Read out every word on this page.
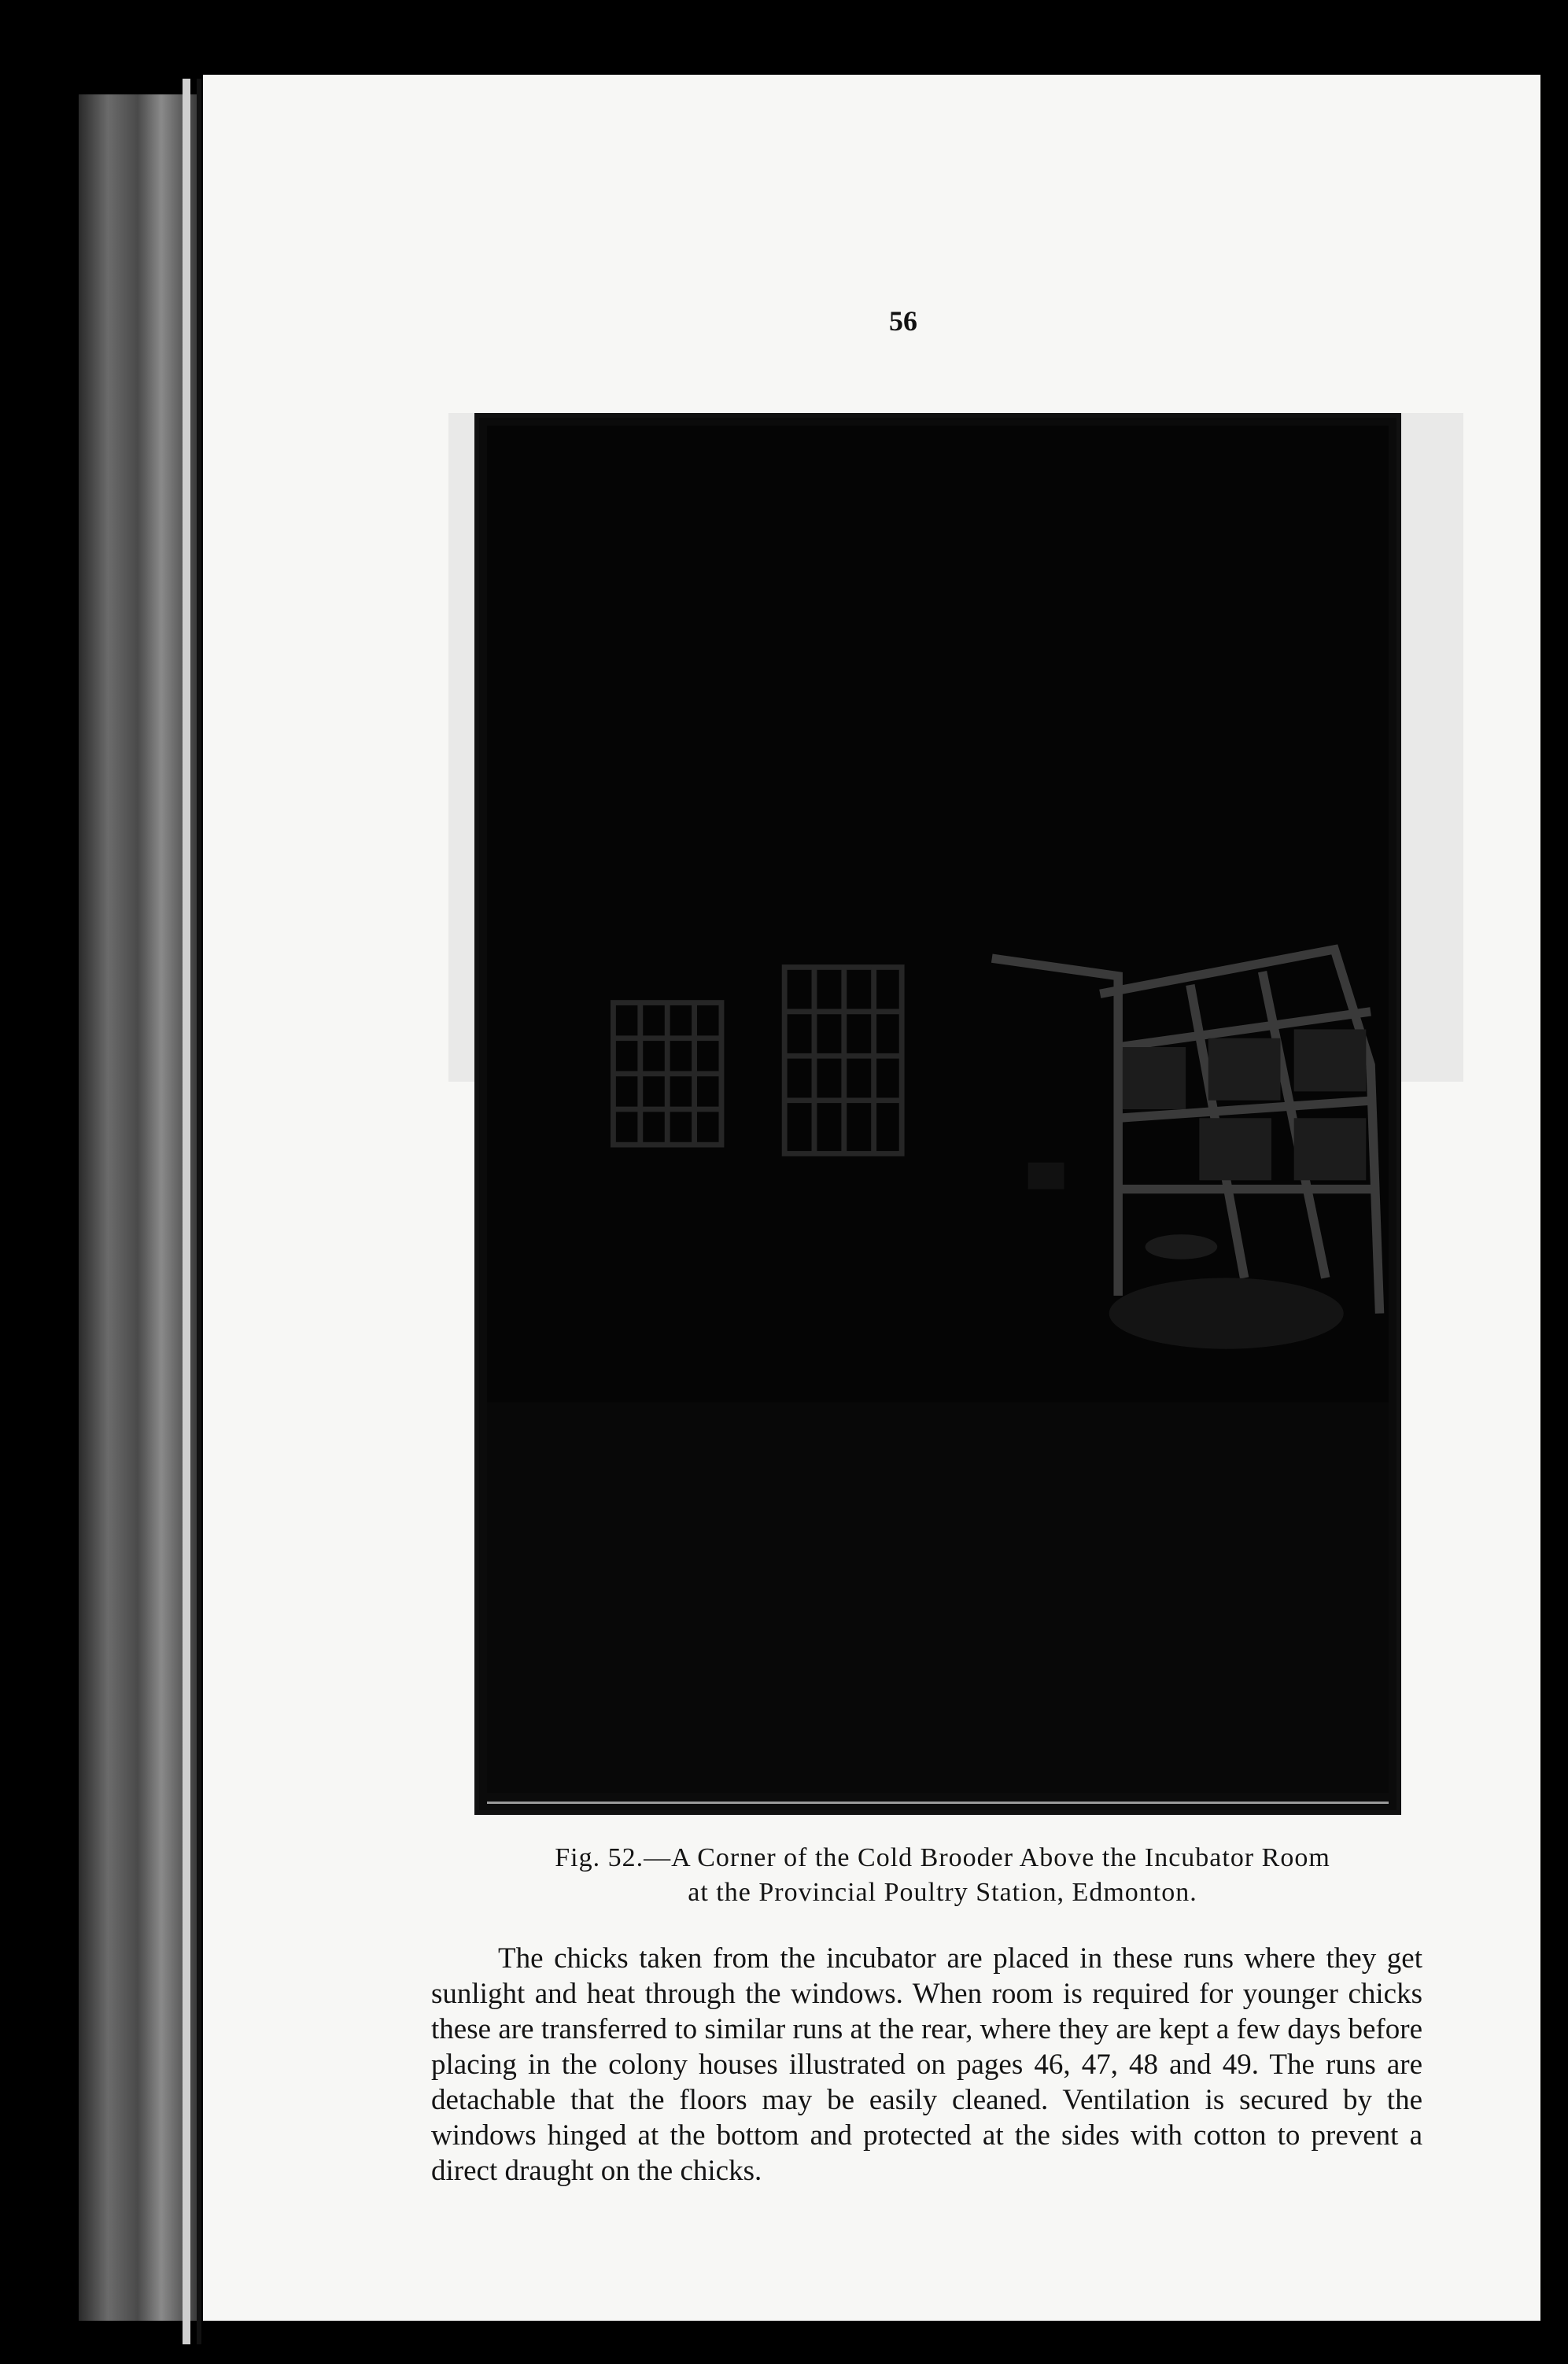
56
Fig. 52.—A Corner of the Cold Brooder Above the Incubator Room
at the Provincial Poultry Station, Edmonton.
The chicks taken from the incubator are placed in these runs where they get sunlight and heat through the windows. When room is required for younger chicks these are transferred to similar runs at the rear, where they are kept a few days before placing in the colony houses illustrated on pages 46, 47, 48 and 49. The runs are detachable that the floors may be easily cleaned. Ventilation is secured by the windows hinged at the bottom and protected at the sides with cotton to prevent a direct draught on the chicks.
